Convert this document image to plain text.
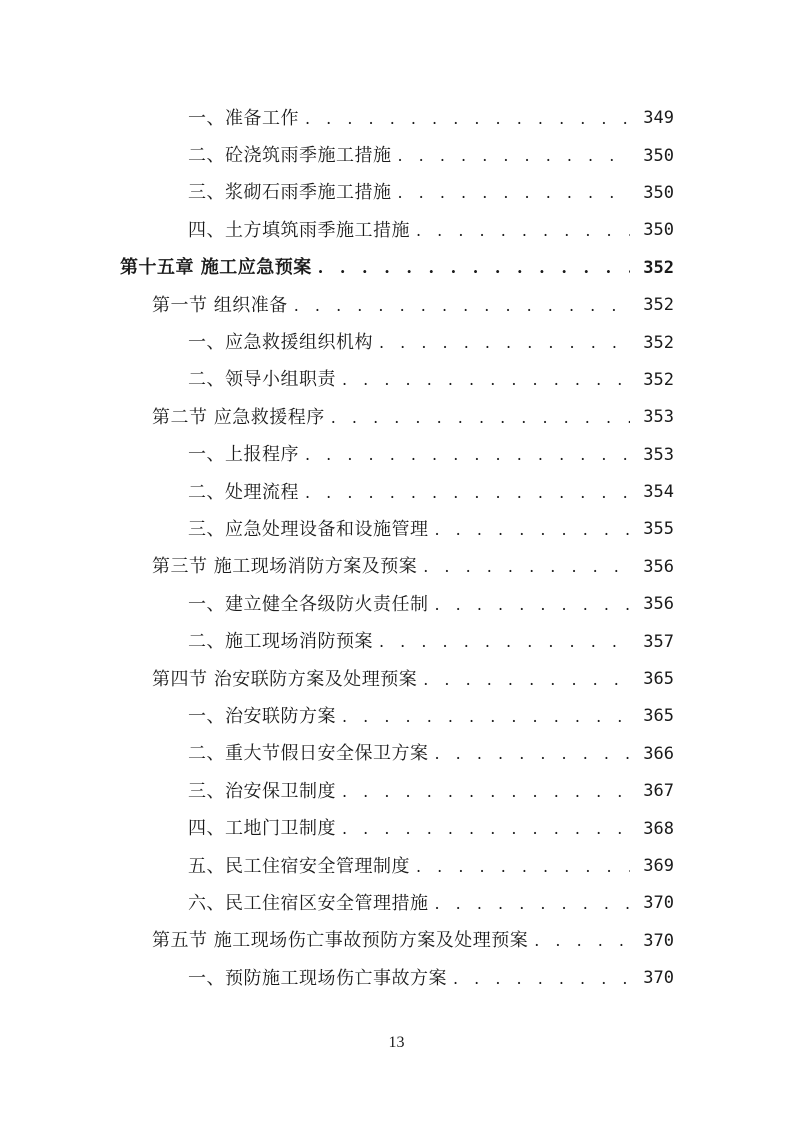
一、准备工作 . . .	349
二、砼浇筑雨季施工措施 . . .	350
三、浆砌石雨季施工措施 . . .	350
四、土方填筑雨季施工措施 . . .	350
第十五章 施工应急预案 . . .	352
第一节 组织准备 . . .	352
一、应急救援组织机构 . . .	352
二、领导小组职责 . . .	352
第二节 应急救援程序 . . .	353
一、上报程序 . . .	353
二、处理流程 . . .	354
三、应急处理设备和设施管理 . . .	355
第三节 施工现场消防方案及预案 . . .	356
一、建立健全各级防火责任制 . . .	356
二、施工现场消防预案 . . .	357
第四节 治安联防方案及处理预案 . . .	365
一、治安联防方案 . . .	365
二、重大节假日安全保卫方案 . . .	366
三、治安保卫制度 . . .	367
四、工地门卫制度 . . .	368
五、民工住宿安全管理制度 . . .	369
六、民工住宿区安全管理措施 . . .	370
第五节 施工现场伤亡事故预防方案及处理预案 . . .	370
一、预防施工现场伤亡事故方案 . . .	370
13
